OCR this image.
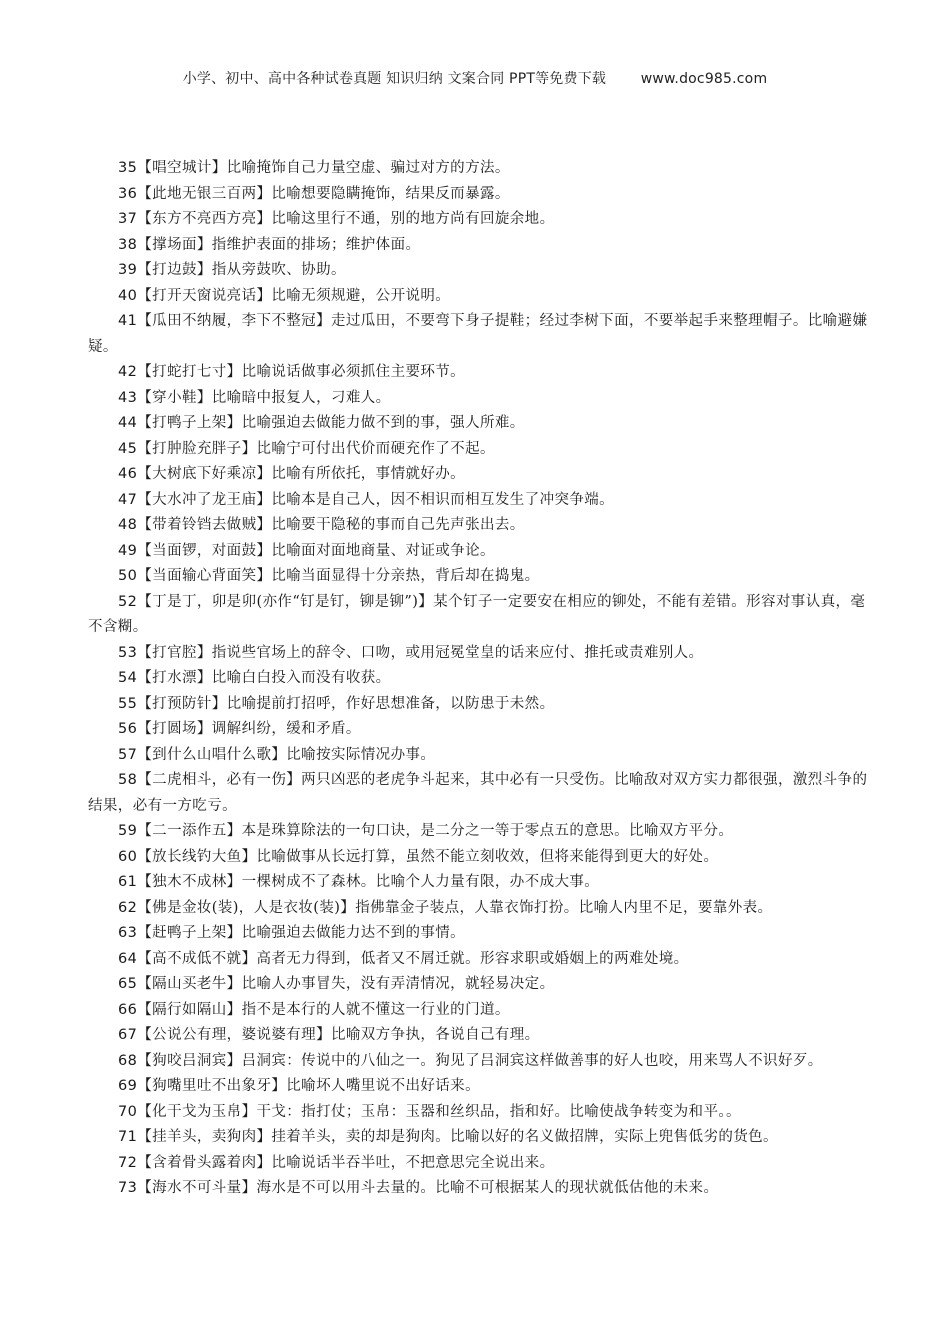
小学、初中、高中各种试卷真题 知识归纳 文案合同 PPT等免费下载 www.doc985.com
35【唱空城计】比喻掩饰自己力量空虚、骗过对方的方法。
36【此地无银三百两】比喻想要隐瞒掩饰，结果反而暴露。
37【东方不亮西方亮】比喻这里行不通，别的地方尚有回旋余地。
38【撑场面】指维护表面的排场；维护体面。
39【打边鼓】指从旁鼓吹、协助。
40【打开天窗说亮话】比喻无须规避，公开说明。
41【瓜田不纳履，李下不整冠】走过瓜田，不要弯下身子提鞋；经过李树下面，不要举起手来整理帽子。比喻避嫌疑。
42【打蛇打七寸】比喻说话做事必须抓住主要环节。
43【穿小鞋】比喻暗中报复人，刁难人。
44【打鸭子上架】比喻强迫去做能力做不到的事，强人所难。
45【打肿脸充胖子】比喻宁可付出代价而硬充作了不起。
46【大树底下好乘凉】比喻有所依托，事情就好办。
47【大水冲了龙王庙】比喻本是自己人，因不相识而相互发生了冲突争端。
48【带着铃铛去做贼】比喻要干隐秘的事而自己先声张出去。
49【当面锣，对面鼓】比喻面对面地商量、对证或争论。
50【当面输心背面笑】比喻当面显得十分亲热，背后却在捣鬼。
52【丁是丁，卯是卯(亦作“钉是钉，铆是铆”)】某个钉子一定要安在相应的铆处，不能有差错。形容对事认真，毫不含糊。
53【打官腔】指说些官场上的辞令、口吻，或用冠冕堂皇的话来应付、推托或责难别人。
54【打水漂】比喻白白投入而没有收获。
55【打预防针】比喻提前打招呼，作好思想准备，以防患于未然。
56【打圆场】调解纠纷，缓和矛盾。
57【到什么山唱什么歌】比喻按实际情况办事。
58【二虎相斗，必有一伤】两只凶恶的老虎争斗起来，其中必有一只受伤。比喻敌对双方实力都很强，激烈斗争的结果，必有一方吃亏。
59【二一添作五】本是珠算除法的一句口诀，是二分之一等于零点五的意思。比喻双方平分。
60【放长线钓大鱼】比喻做事从长远打算，虽然不能立刻收效，但将来能得到更大的好处。
61【独木不成林】一棵树成不了森林。比喻个人力量有限，办不成大事。
62【佛是金妆(装)，人是衣妆(装)】指佛靠金子装点，人靠衣饰打扮。比喻人内里不足，要靠外表。
63【赶鸭子上架】比喻强迫去做能力达不到的事情。
64【高不成低不就】高者无力得到，低者又不屑迁就。形容求职或婚姻上的两难处境。
65【隔山买老牛】比喻人办事冒失，没有弄清情况，就轻易决定。
66【隔行如隔山】指不是本行的人就不懂这一行业的门道。
67【公说公有理，婆说婆有理】比喻双方争执，各说自己有理。
68【狗咬吕洞宾】吕洞宾：传说中的八仙之一。狗见了吕洞宾这样做善事的好人也咬，用来骂人不识好歹。
69【狗嘴里吐不出象牙】比喻坏人嘴里说不出好话来。
70【化干戈为玉帛】干戈：指打仗；玉帛：玉器和丝织品，指和好。比喻使战争转变为和平。。
71【挂羊头，卖狗肉】挂着羊头，卖的却是狗肉。比喻以好的名义做招牌，实际上兜售低劣的货色。
72【含着骨头露着肉】比喻说话半吞半吐，不把意思完全说出来。
73【海水不可斗量】海水是不可以用斗去量的。比喻不可根据某人的现状就低估他的未来。
